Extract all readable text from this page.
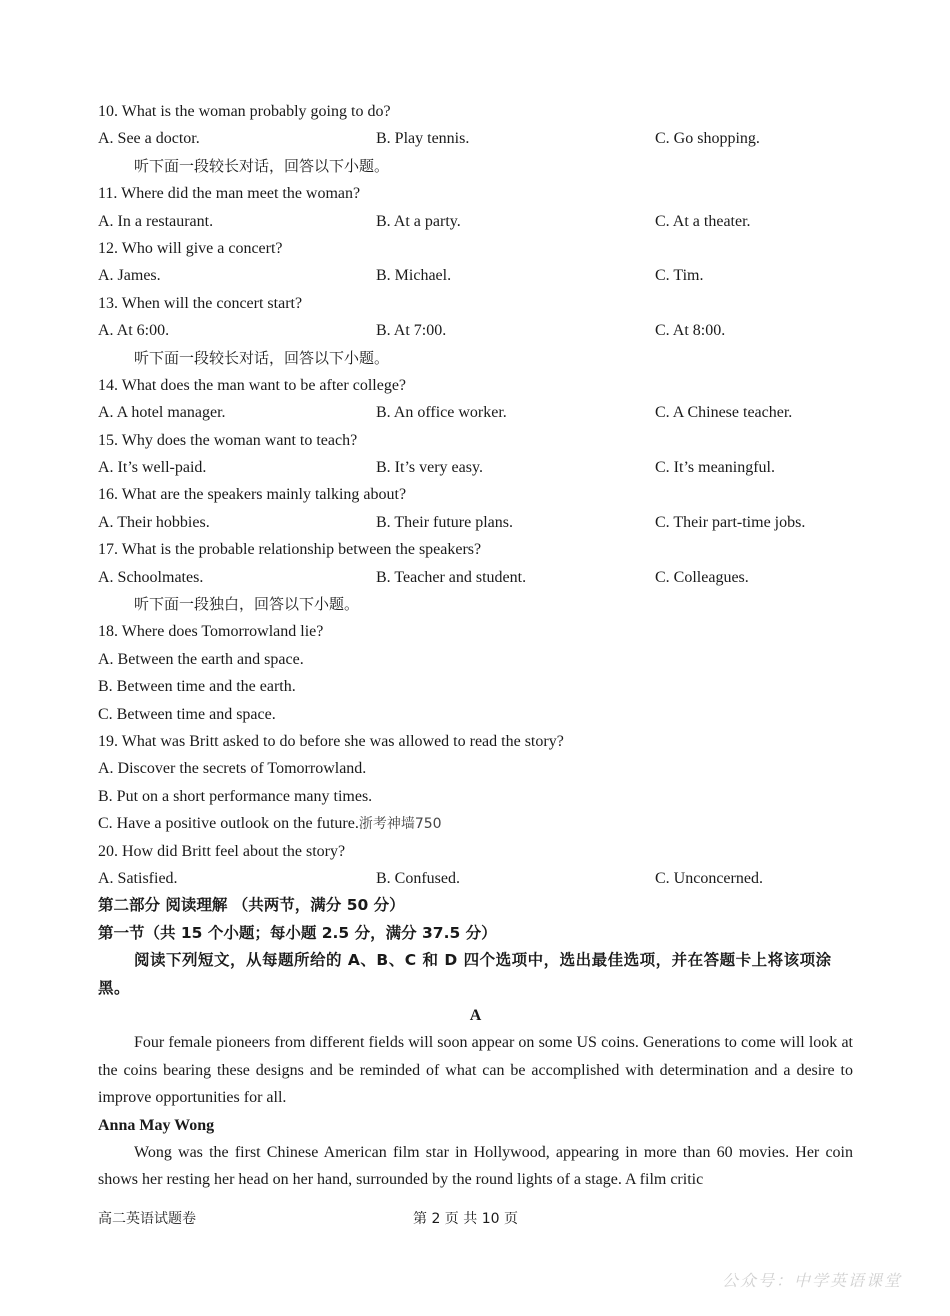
10. What is the woman probably going to do?
A. See a doctor.	B. Play tennis.	C. Go shopping.
听下面一段较长对话，回答以下小题。
11. Where did the man meet the woman?
A. In a restaurant.	B. At a party.	C. At a theater.
12. Who will give a concert?
A. James.	B. Michael.	C. Tim.
13. When will the concert start?
A. At 6:00.	B. At 7:00.	C. At 8:00.
听下面一段较长对话，回答以下小题。
14. What does the man want to be after college?
A. A hotel manager.	B. An office worker.	C. A Chinese teacher.
15. Why does the woman want to teach?
A. It’s well-paid.	B. It’s very easy.	C. It’s meaningful.
16. What are the speakers mainly talking about?
A. Their hobbies.	B. Their future plans.	C. Their part-time jobs.
17. What is the probable relationship between the speakers?
A. Schoolmates.	B. Teacher and student.	C. Colleagues.
听下面一段独白，回答以下小题。
18. Where does Tomorrowland lie?
A. Between the earth and space.
B. Between time and the earth.
C. Between time and space.
19. What was Britt asked to do before she was allowed to read the story?
A. Discover the secrets of Tomorrowland.
B. Put on a short performance many times.
C. Have a positive outlook on the future.浙考神墙750
20. How did Britt feel about the story?
A. Satisfied.	B. Confused.	C. Unconcerned.
第二部分 阅读理解 （共两节，满分 50 分）
第一节（共 15 个小题；每小题 2.5 分，满分 37.5 分）
阅读下列短文，从每题所给的 A、B、C 和 D 四个选项中，选出最佳选项，并在答题卡上将该项涂黑。
A
Four female pioneers from different fields will soon appear on some US coins. Generations to come will look at the coins bearing these designs and be reminded of what can be accomplished with determination and a desire to improve opportunities for all.
Anna May Wong
Wong was the first Chinese American film star in Hollywood, appearing in more than 60 movies. Her coin shows her resting her head on her hand, surrounded by the round lights of a stage. A film critic
高二英语试题卷	第 2 页 共 10 页
公众号：中学英语课堂
